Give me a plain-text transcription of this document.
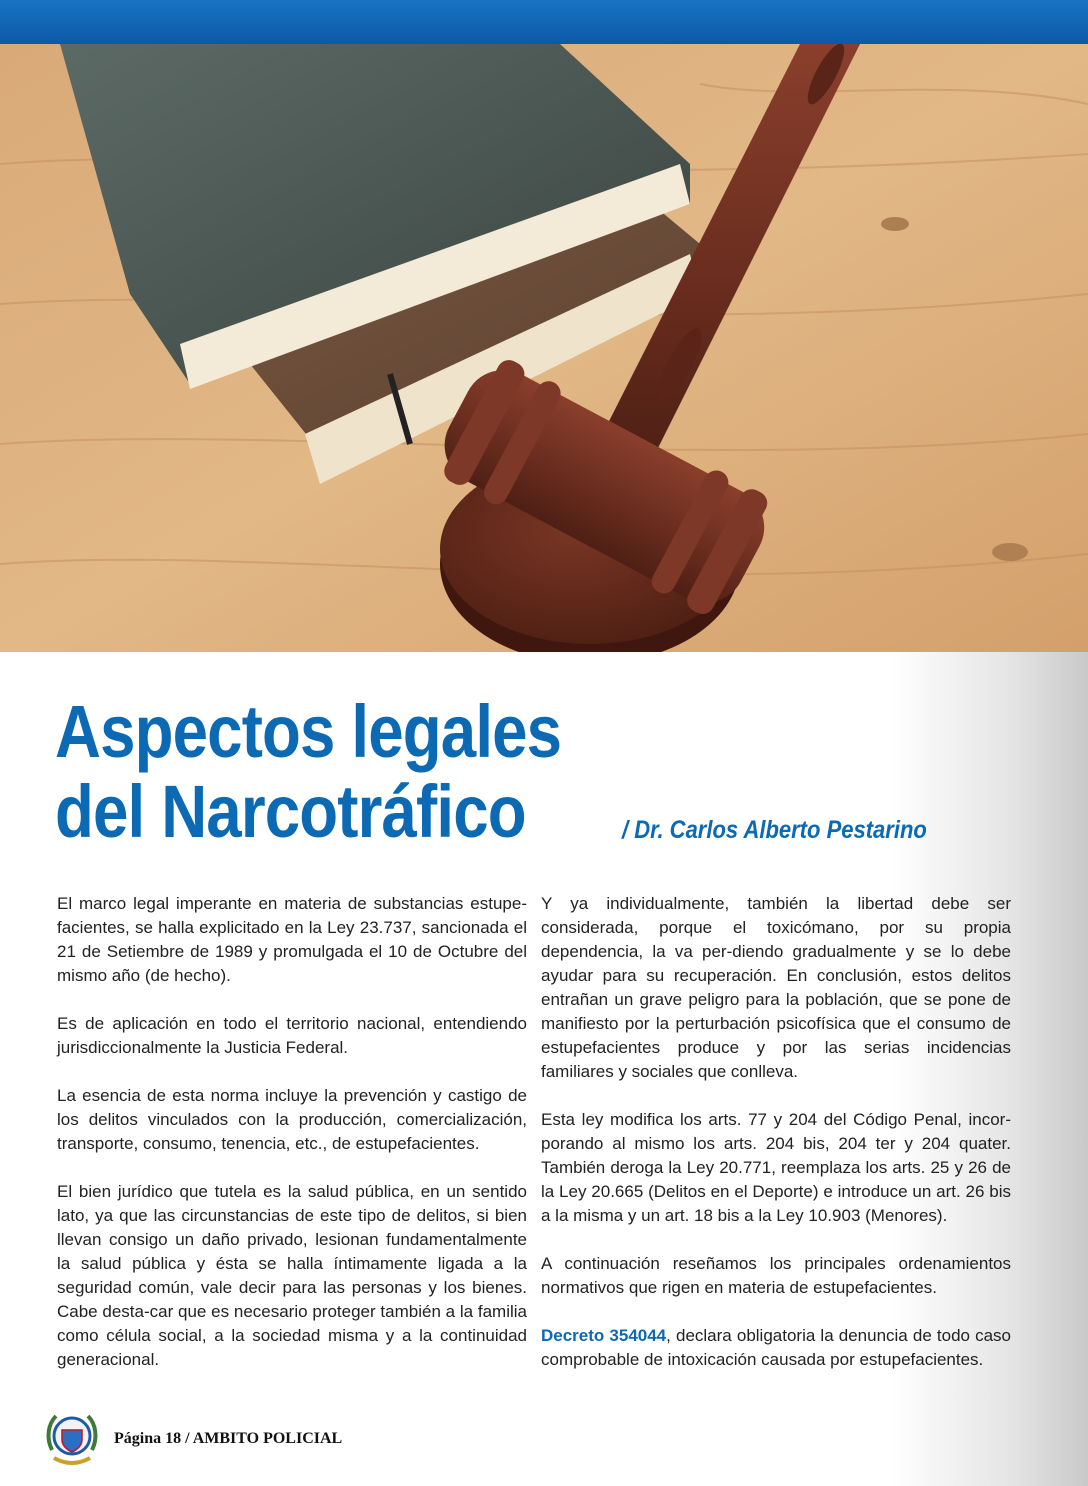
Aspectos legales
del Narcotráfico	/ Dr. Carlos Alberto Pestarino

El marco legal imperante en materia de substancias estupe-facientes, se halla explicitado en la Ley 23.737, sancionada el 21 de Setiembre de 1989 y promulgada el 10 de Octubre del mismo año (de hecho).

Es de aplicación en todo el territorio nacional, entendiendo jurisdiccionalmente la Justicia Federal.

La esencia de esta norma incluye la prevención y castigo de los delitos vinculados con la producción, comercialización, transporte, consumo, tenencia, etc., de estupefacientes.

El bien jurídico que tutela es la salud pública, en un sentido lato, ya que las circunstancias de este tipo de delitos, si bien llevan consigo un daño privado, lesionan fundamentalmente la salud pública y ésta se halla íntimamente ligada a la seguridad común, vale decir para las personas y los bienes. Cabe desta-car que es necesario proteger también a la familia como célula social, a la sociedad misma y a la continuidad generacional.

Y ya individualmente, también la libertad debe ser considerada, porque el toxicómano, por su propia dependencia, la va per-diendo gradualmente y se lo debe ayudar para su recuperación. En conclusión, estos delitos entrañan un grave peligro para la población, que se pone de manifiesto por la perturbación psicofísica que el consumo de estupefacientes produce y por las serias incidencias familiares y sociales que conlleva.

Esta ley modifica los arts. 77 y 204 del Código Penal, incor-porando al mismo los arts. 204 bis, 204 ter y 204 quater. También deroga la Ley 20.771, reemplaza los arts. 25 y 26 de la Ley 20.665 (Delitos en el Deporte) e introduce un art. 26 bis a la misma y un art. 18 bis a la Ley 10.903 (Menores).

A continuación reseñamos los principales ordenamientos normativos que rigen en materia de estupefacientes.

Decreto 354044, declara obligatoria la denuncia de todo caso comprobable de intoxicación causada por estupefacientes.

Página 18 / AMBITO POLICIAL
